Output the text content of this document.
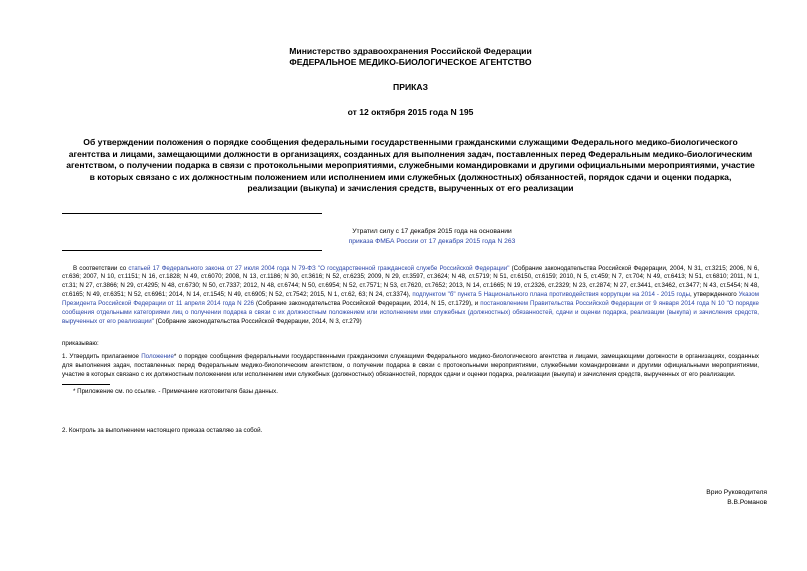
Министерство здравоохранения Российской Федерации
ФЕДЕРАЛЬНОЕ МЕДИКО-БИОЛОГИЧЕСКОЕ АГЕНТСТВО
ПРИКАЗ
от 12 октября 2015 года N 195
Об утверждении положения о порядке сообщения федеральными государственными гражданскими служащими Федерального медико-биологического агентства и лицами, замещающими должности в организациях, созданных для выполнения задач, поставленных перед Федеральным медико-биологическим агентством, о получении подарка в связи с протокольными мероприятиями, служебными командировками и другими официальными мероприятиями, участие в которых связано с их должностным положением или исполнением ими служебных (должностных) обязанностей, порядок сдачи и оценки подарка, реализации (выкупа) и зачисления средств, вырученных от его реализации
Утратил силу с 17 декабря 2015 года на основании
приказа ФМБА России от 17 декабря 2015 года N 263
В соответствии со статьей 17 Федерального закона от 27 июля 2004 года N 79-ФЗ "О государственной гражданской службе Российской Федерации" (Собрание законодательства Российской Федерации, 2004, N 31, ст.3215; 2006, N 6, ст.636; 2007, N 10, ст.1151; N 16, ст.1828; N 49, ст.6070; 2008, N 13, ст.1186; N 30, ст.3616; N 52, ст.6235; 2009, N 29, ст.3597, ст.3624; N 48, ст.5719; N 51, ст.6150, ст.6159; 2010, N 5, ст.459; N 7, ст.704; N 49, ст.6413; N 51, ст.6810; 2011, N 1, ст.31; N 27, ст.3866; N 29, ст.4295; N 48, ст.6730; N 50, ст.7337; 2012, N 48, ст.6744; N 50, ст.6954; N 52, ст.7571; N 53, ст.7620, ст.7652; 2013, N 14, ст.1665; N 19, ст.2326, ст.2329; N 23, ст.2874; N 27, ст.3441, ст.3462, ст.3477; N 43, ст.5454; N 48, ст.6165; N 49, ст.6351; N 52, ст.6961; 2014, N 14, ст.1545; N 49, ст.6905; N 52, ст.7542; 2015, N 1, ст.62, 63; N 24, ст.3374), подпунктом "б" пункта 5 Национального плана противодействия коррупции на 2014 - 2015 годы, утвержденного Указом Президента Российской Федерации от 11 апреля 2014 года N 226 (Собрание законодательства Российской Федерации, 2014, N 15, ст.1729), и постановлением Правительства Российской Федерации от 9 января 2014 года N 10 "О порядке сообщения отдельными категориями лиц о получении подарка в связи с их должностным положением или исполнением ими служебных (должностных) обязанностей, сдачи и оценки подарка, реализации (выкупа) и зачисления средств, вырученных от его реализации" (Собрание законодательства Российской Федерации, 2014, N 3, ст.279)
приказываю:
1. Утвердить прилагаемое Положение* о порядке сообщения федеральными государственными гражданскими служащими Федерального медико-биологического агентства и лицами, замещающими должности в организациях, созданных для выполнения задач, поставленных перед Федеральным медико-биологическим агентством, о получении подарка в связи с протокольными мероприятиями, служебными командировками и другими официальными мероприятиями, участие в которых связано с их должностным положением или исполнением ими служебных (должностных) обязанностей, порядок сдачи и оценки подарка, реализации (выкупа) и зачисления средств, вырученных от его реализации.
* Приложение см. по ссылке. - Примечание изготовителя базы данных.
2. Контроль за выполнением настоящего приказа оставляю за собой.
Врио Руководителя
В.В.Романов
